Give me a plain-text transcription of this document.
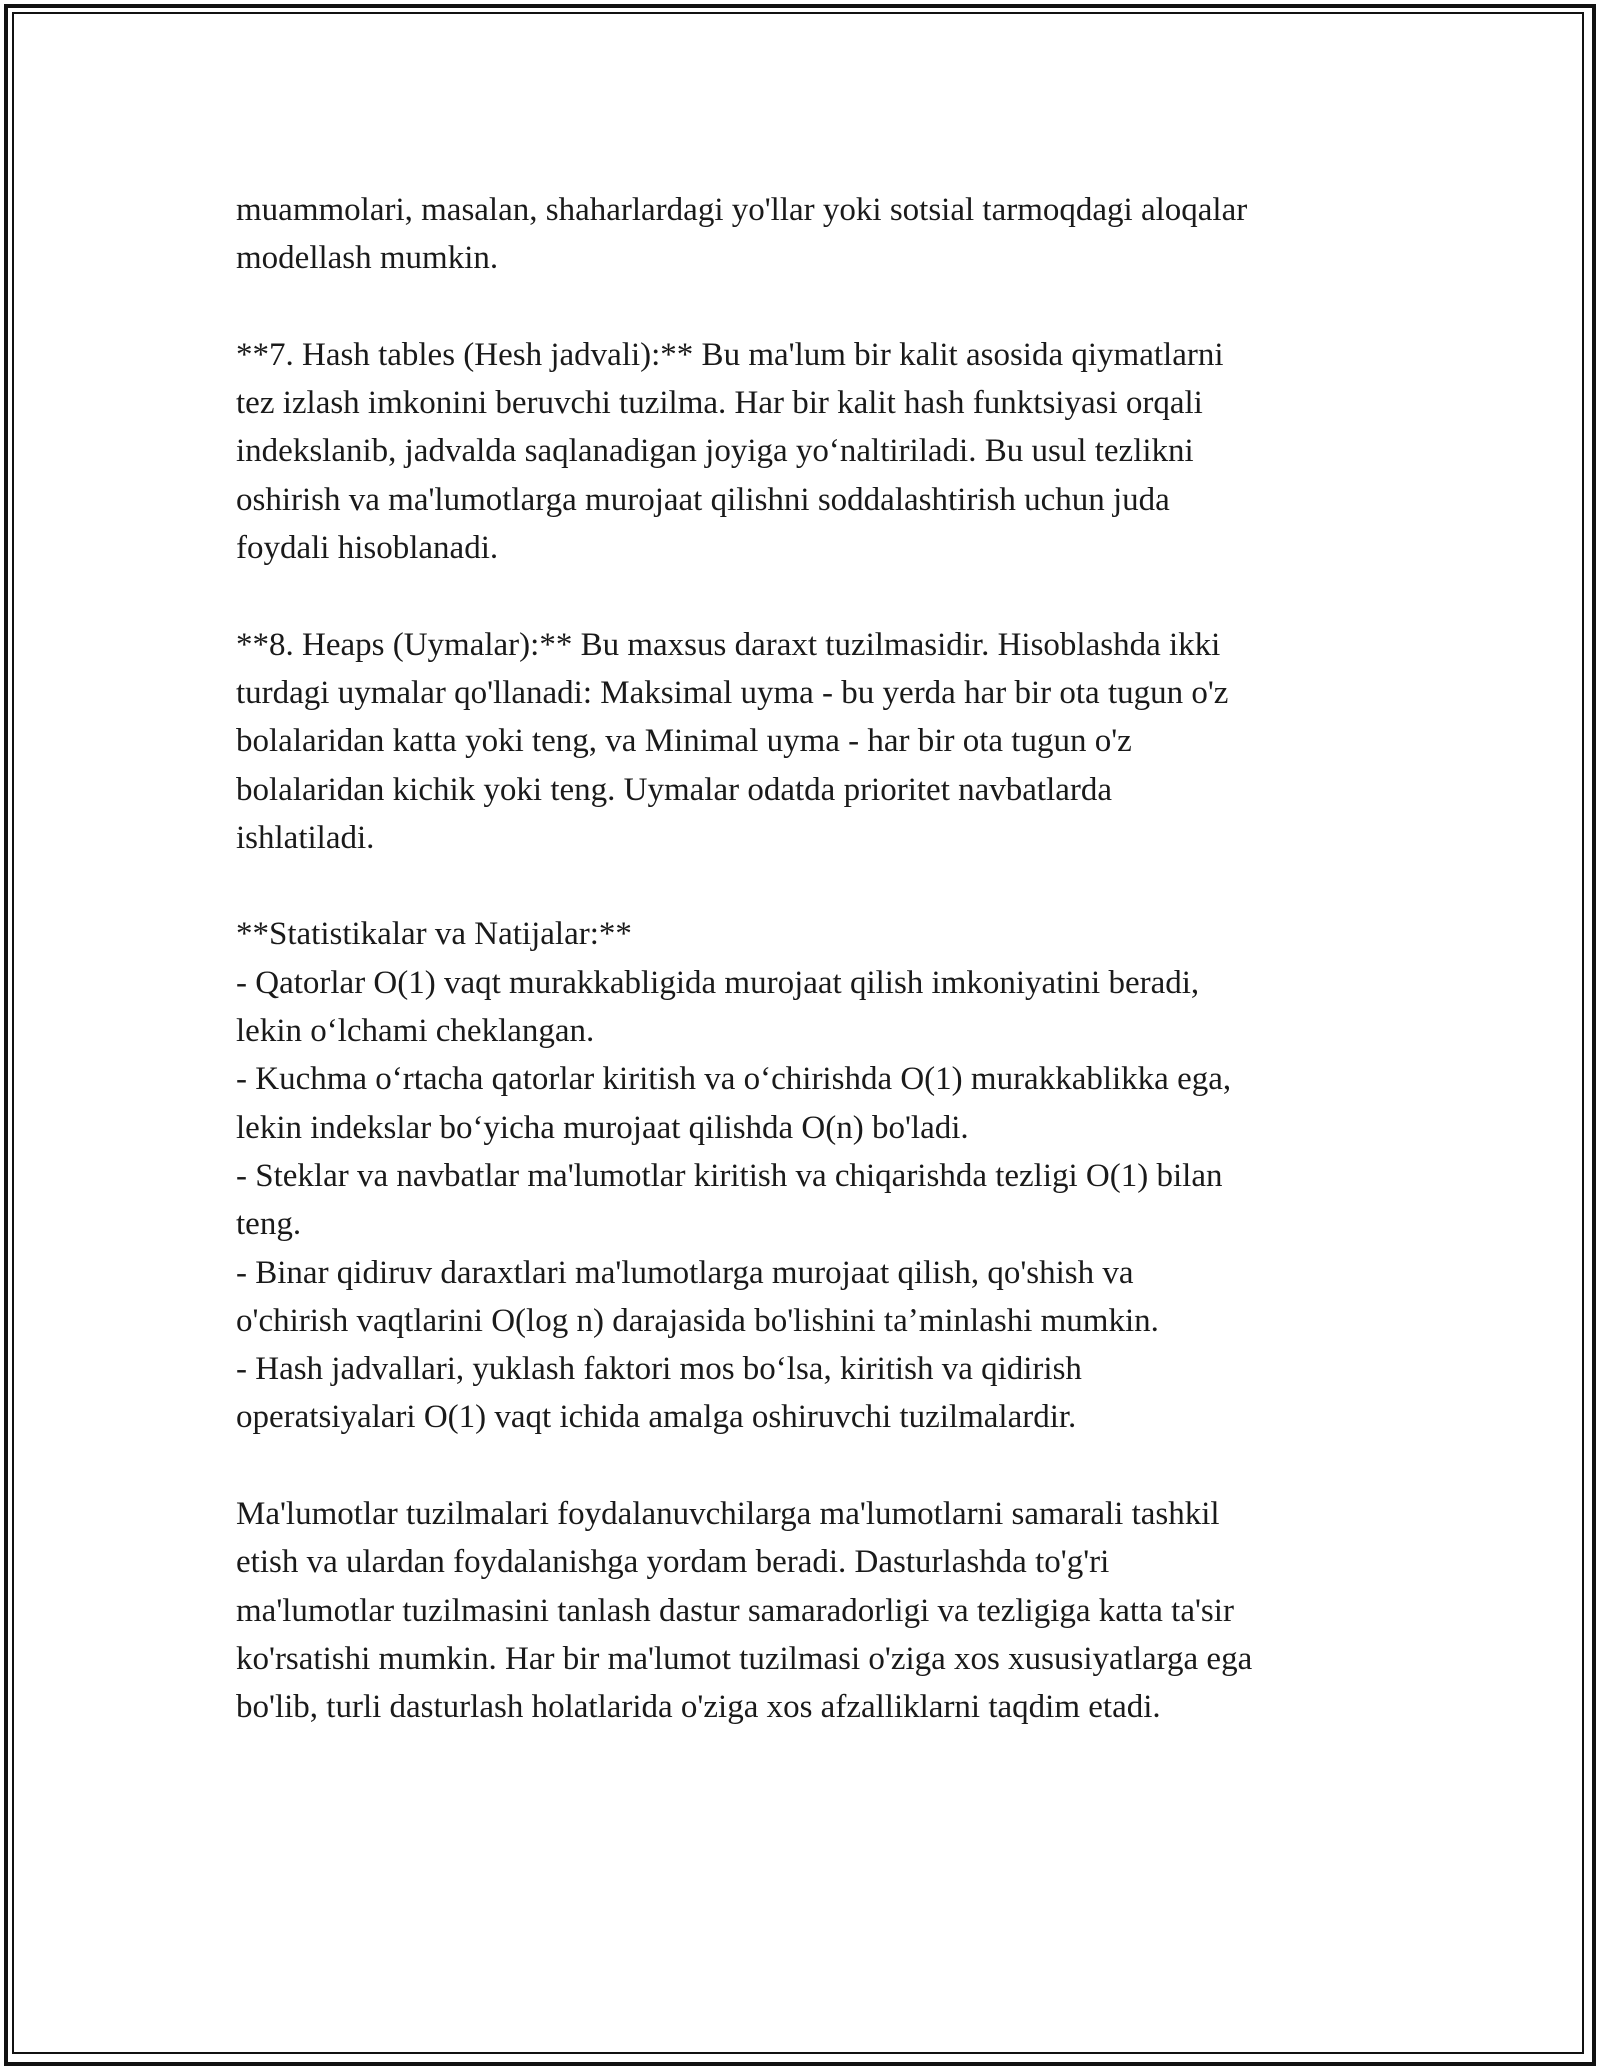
muammolari, masalan, shaharlardagi yo'llar yoki sotsial tarmoqdagi aloqalar
modellash mumkin.
**7. Hash tables (Hesh jadvali):** Bu ma'lum bir kalit asosida qiymatlarni
tez izlash imkonini beruvchi tuzilma. Har bir kalit hash funktsiyasi orqali
indekslanib, jadvalda saqlanadigan joyiga yoʻnaltiriladi. Bu usul tezlikni
oshirish va ma'lumotlarga murojaat qilishni soddalashtirish uchun juda
foydali hisoblanadi.
**8. Heaps (Uymalar):** Bu maxsus daraxt tuzilmasidir. Hisoblashda ikki
turdagi uymalar qo'llanadi: Maksimal uyma - bu yerda har bir ota tugun o'z
bolalaridan katta yoki teng, va Minimal uyma - har bir ota tugun o'z
bolalaridan kichik yoki teng. Uymalar odatda prioritet navbatlarda
ishlatiladi.
**Statistikalar va Natijalar:**
- Qatorlar O(1) vaqt murakkabligida murojaat qilish imkoniyatini beradi,
lekin oʻlchami cheklangan.
- Kuchma oʻrtacha qatorlar kiritish va oʻchirishda O(1) murakkablikka ega,
lekin indekslar boʻyicha murojaat qilishda O(n) bo'ladi.
- Steklar va navbatlar ma'lumotlar kiritish va chiqarishda tezligi O(1) bilan
teng.
- Binar qidiruv daraxtlari ma'lumotlarga murojaat qilish, qo'shish va
o'chirish vaqtlarini O(log n) darajasida bo'lishini taʼminlashi mumkin.
- Hash jadvallari, yuklash faktori mos boʻlsa, kiritish va qidirish
operatsiyalari O(1) vaqt ichida amalga oshiruvchi tuzilmalardir.
Ma'lumotlar tuzilmalari foydalanuvchilarga ma'lumotlarni samarali tashkil
etish va ulardan foydalanishga yordam beradi. Dasturlashda to'g'ri
ma'lumotlar tuzilmasini tanlash dastur samaradorligi va tezligiga katta ta'sir
ko'rsatishi mumkin. Har bir ma'lumot tuzilmasi o'ziga xos xususiyatlarga ega
bo'lib, turli dasturlash holatlarida o'ziga xos afzalliklarni taqdim etadi.
